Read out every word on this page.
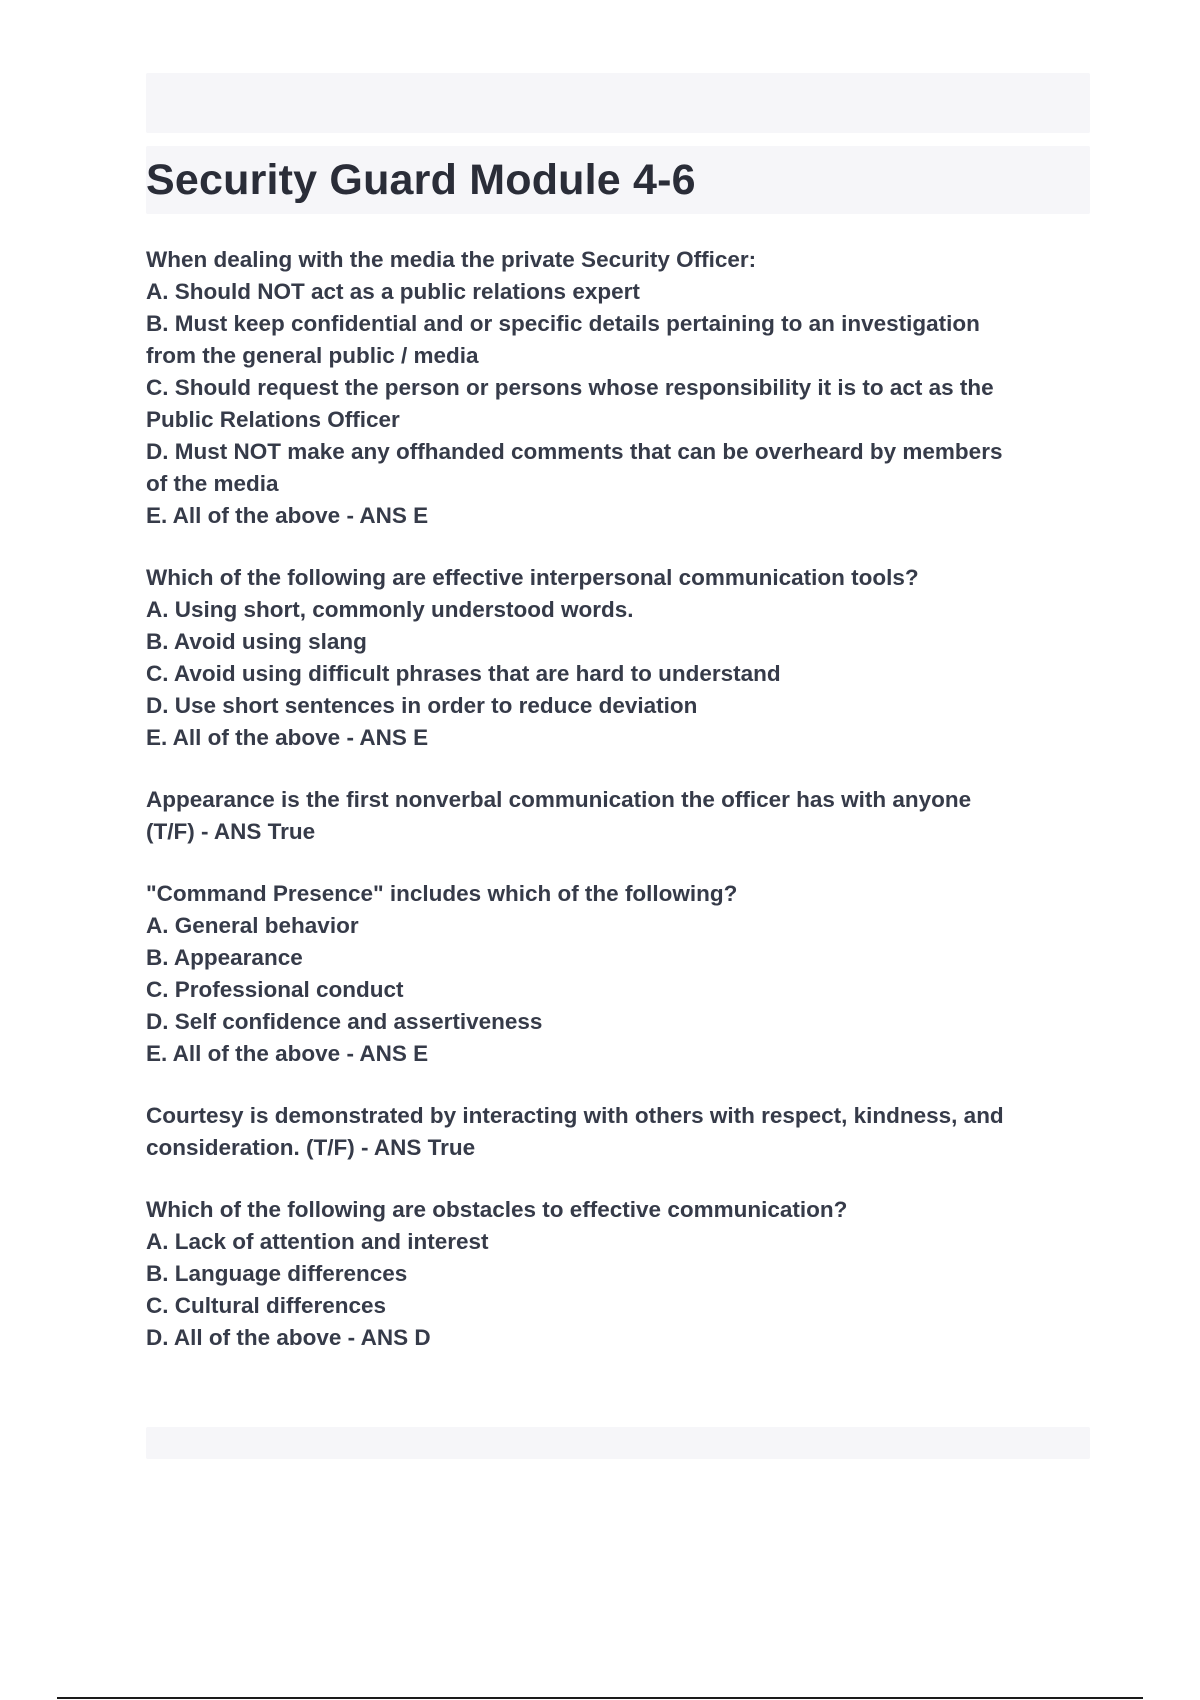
Security Guard Module 4-6
When dealing with the media the private Security Officer:
A. Should NOT act as a public relations expert
B. Must keep confidential and or specific details pertaining to an investigation
from the general public / media
C. Should request the person or persons whose responsibility it is to act as the
Public Relations Officer
D. Must NOT make any offhanded comments that can be overheard by members
of the media
E. All of the above - ANS E
Which of the following are effective interpersonal communication tools?
A. Using short, commonly understood words.
B. Avoid using slang
C. Avoid using difficult phrases that are hard to understand
D. Use short sentences in order to reduce deviation
E. All of the above - ANS E
Appearance is the first nonverbal communication the officer has with anyone
(T/F) - ANS True
"Command Presence" includes which of the following?
A. General behavior
B. Appearance
C. Professional conduct
D. Self confidence and assertiveness
E. All of the above - ANS E
Courtesy is demonstrated by interacting with others with respect, kindness, and
consideration. (T/F) - ANS True
Which of the following are obstacles to effective communication?
A. Lack of attention and interest
B. Language differences
C. Cultural differences
D. All of the above - ANS D
